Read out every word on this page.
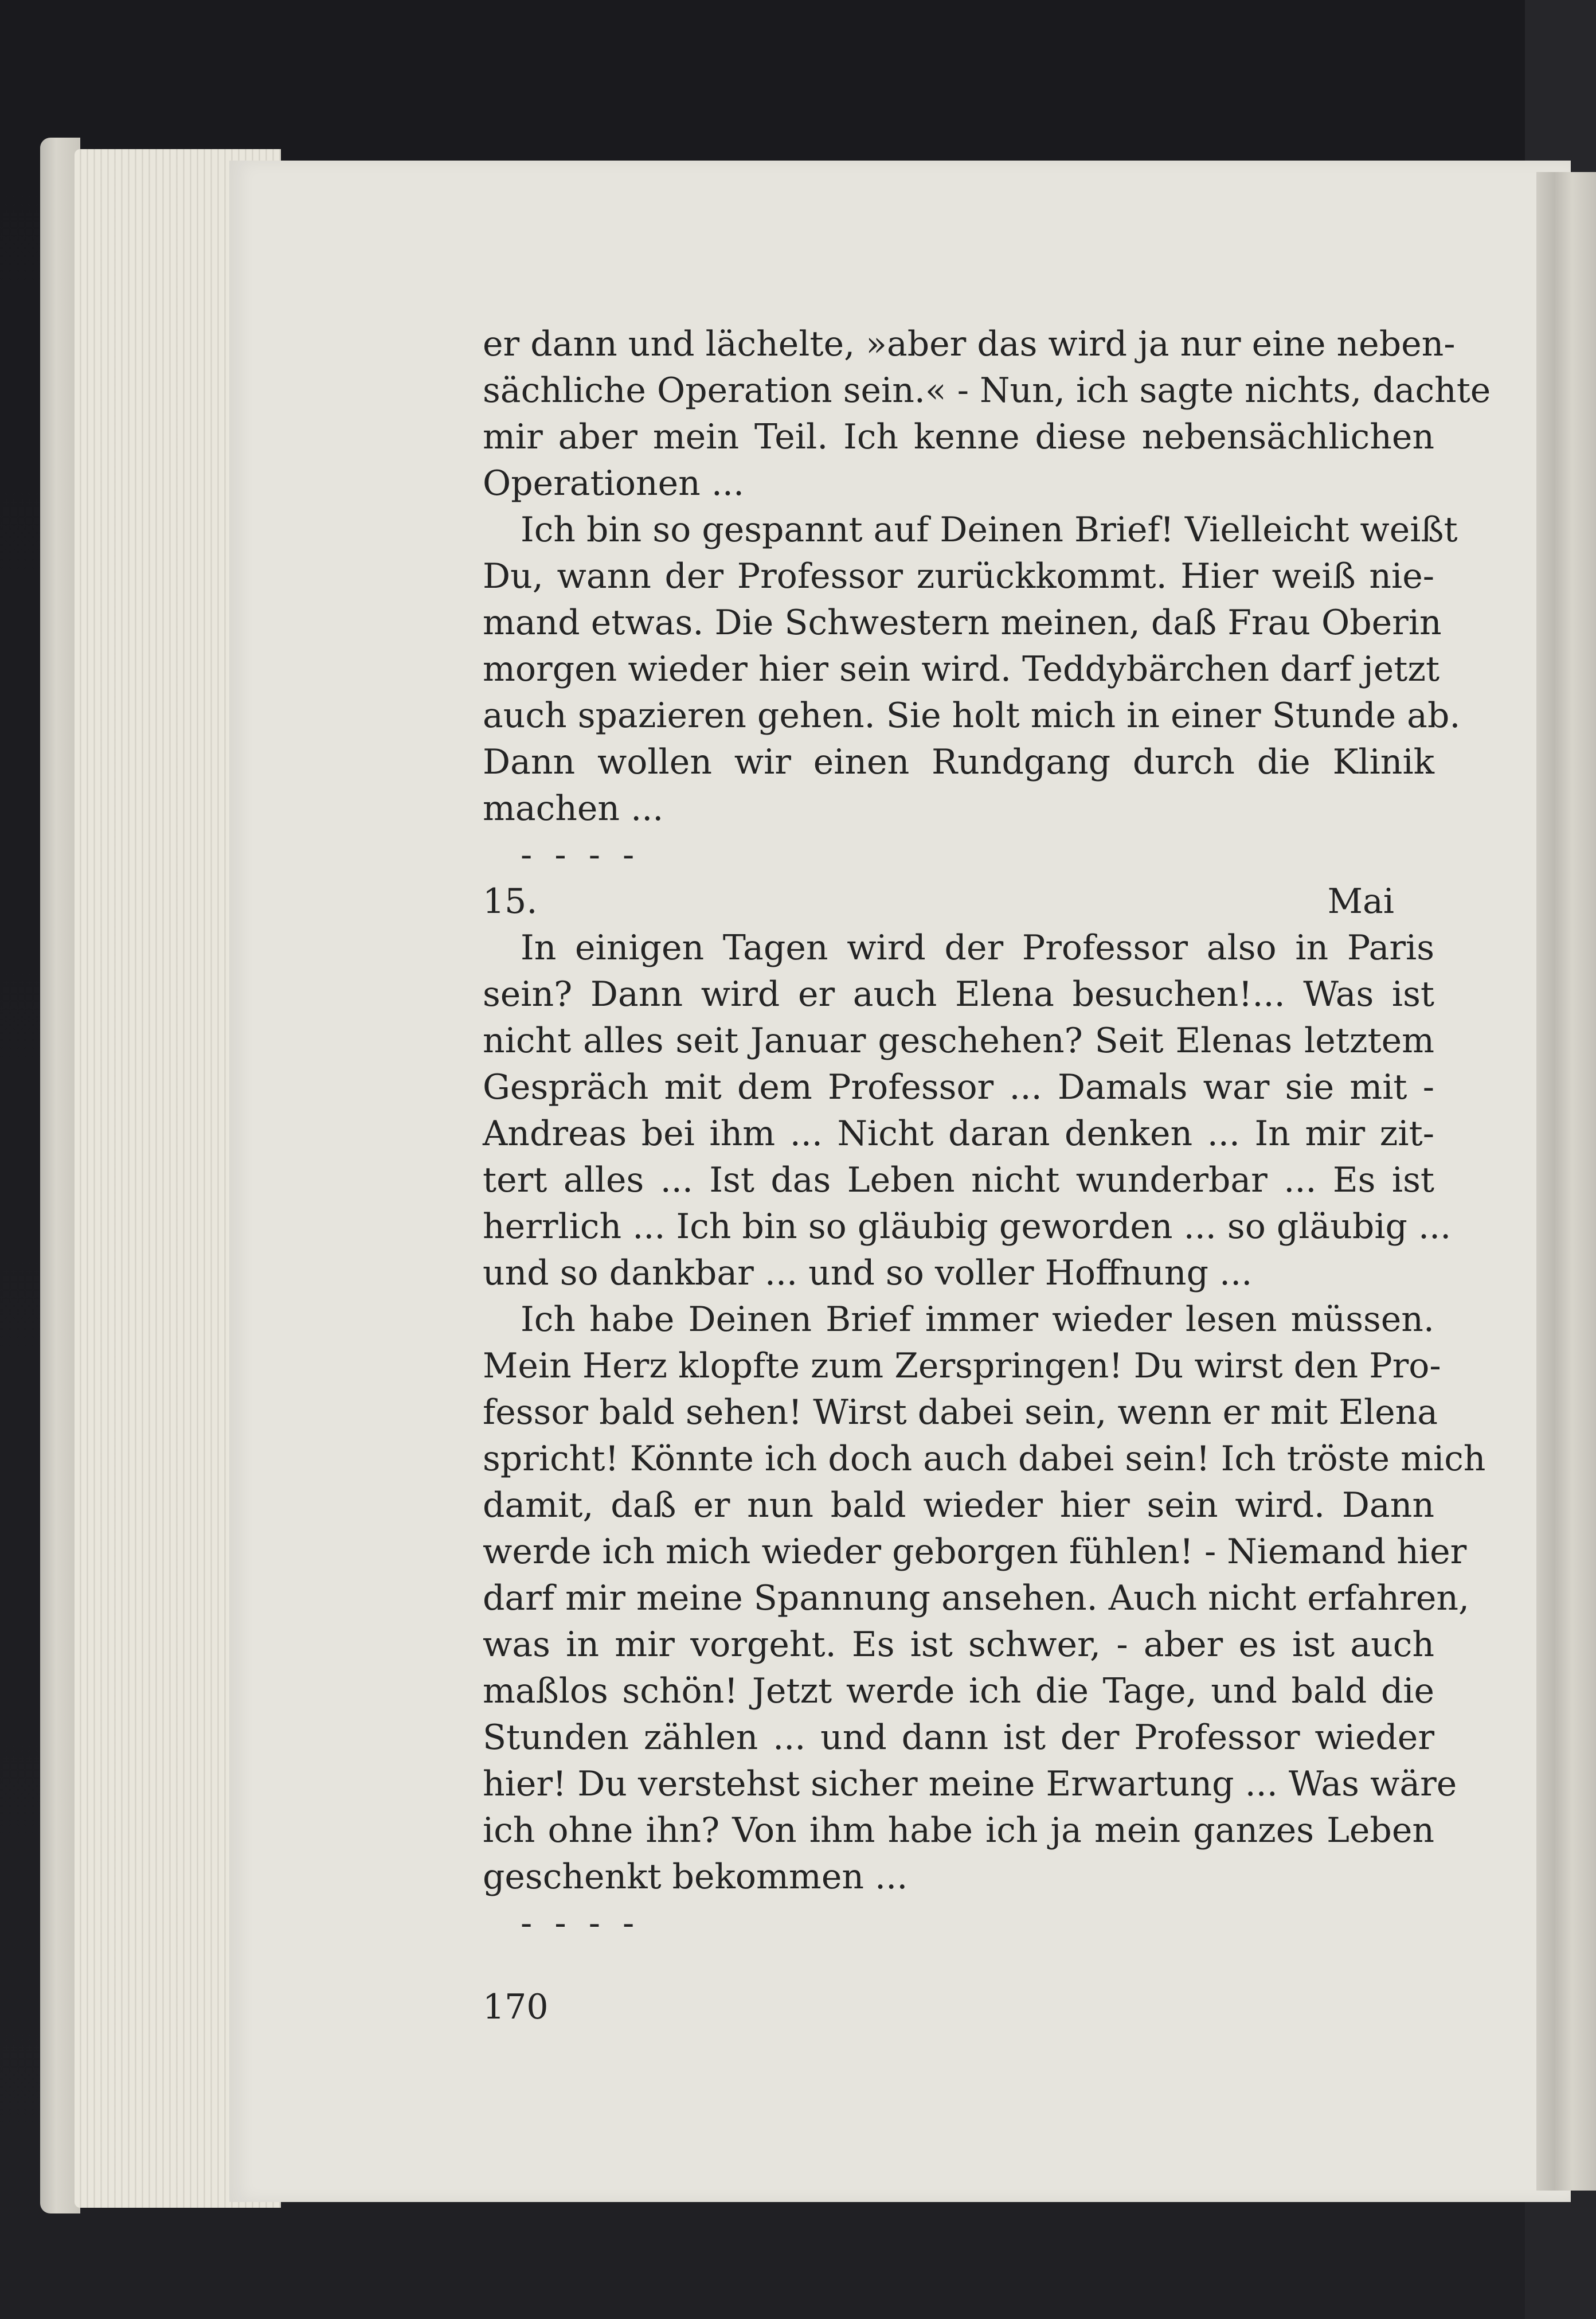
er dann und lächelte, »aber das wird ja nur eine neben-

sächliche Operation sein.« - Nun, ich sagte nichts, dachte

mir aber mein Teil. Ich kenne diese nebensächlichen

Operationen ...

Ich bin so gespannt auf Deinen Brief! Vielleicht weißt

Du, wann der Professor zurückkommt. Hier weiß nie-

mand etwas. Die Schwestern meinen, daß Frau Oberin

morgen wieder hier sein wird. Teddybärchen darf jetzt

auch spazieren gehen. Sie holt mich in einer Stunde ab.

Dann wollen wir einen Rundgang durch die Klinik

machen ...

- - - -

15. Mai

In einigen Tagen wird der Professor also in Paris

sein? Dann wird er auch Elena besuchen!... Was ist

nicht alles seit Januar geschehen? Seit Elenas letztem

Gespräch mit dem Professor ... Damals war sie mit -

Andreas bei ihm ... Nicht daran denken ... In mir zit-

tert alles ... Ist das Leben nicht wunderbar ... Es ist

herrlich ... Ich bin so gläubig geworden ... so gläubig ...

und so dankbar ... und so voller Hoffnung ...

Ich habe Deinen Brief immer wieder lesen müssen.

Mein Herz klopfte zum Zerspringen! Du wirst den Pro-

fessor bald sehen! Wirst dabei sein, wenn er mit Elena

spricht! Könnte ich doch auch dabei sein! Ich tröste mich

damit, daß er nun bald wieder hier sein wird. Dann

werde ich mich wieder geborgen fühlen! - Niemand hier

darf mir meine Spannung ansehen. Auch nicht erfahren,

was in mir vorgeht. Es ist schwer, - aber es ist auch

maßlos schön! Jetzt werde ich die Tage, und bald die

Stunden zählen ... und dann ist der Professor wieder

hier! Du verstehst sicher meine Erwartung ... Was wäre

ich ohne ihn? Von ihm habe ich ja mein ganzes Leben

geschenkt bekommen ...

- - - -

170
